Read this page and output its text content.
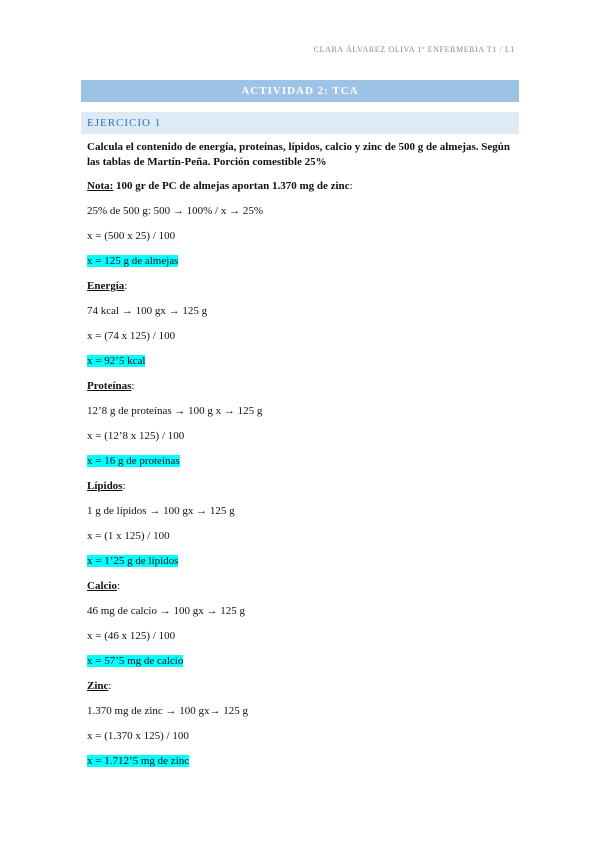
CLARA ÁLVAREZ OLIVA 1º ENFERMERIA T1 / L1
ACTIVIDAD 2: TCA
EJERCICIO 1
Calcula el contenido de energía, proteínas, lípidos, calcio y zinc de 500 g de almejas. Según las tablas de Martín-Peña. Porción comestible 25%
Nota: 100 gr de PC de almejas aportan 1.370 mg de zinc:
25% de 500 g: 500 → 100% / x → 25%
x = (500 x 25) / 100
x = 125 g de almejas
Energía:
74 kcal → 100 gx → 125 g
x = (74 x 125) / 100
x = 92’5 kcal
Proteínas:
12’8 g de proteínas → 100 g x → 125 g
x = (12’8 x 125) / 100
x = 16 g de proteínas
Lípidos:
1 g de lípidos → 100 gx → 125 g
x = (1 x 125) / 100
x = 1’25 g de lípidos
Calcio:
46 mg de calcio → 100 gx → 125 g
x = (46 x 125) / 100
x = 57’5 mg de calcio
Zinc:
1.370 mg de zinc → 100 gx→ 125 g
x = (1.370 x 125) / 100
x = 1.712’5 mg de zinc
